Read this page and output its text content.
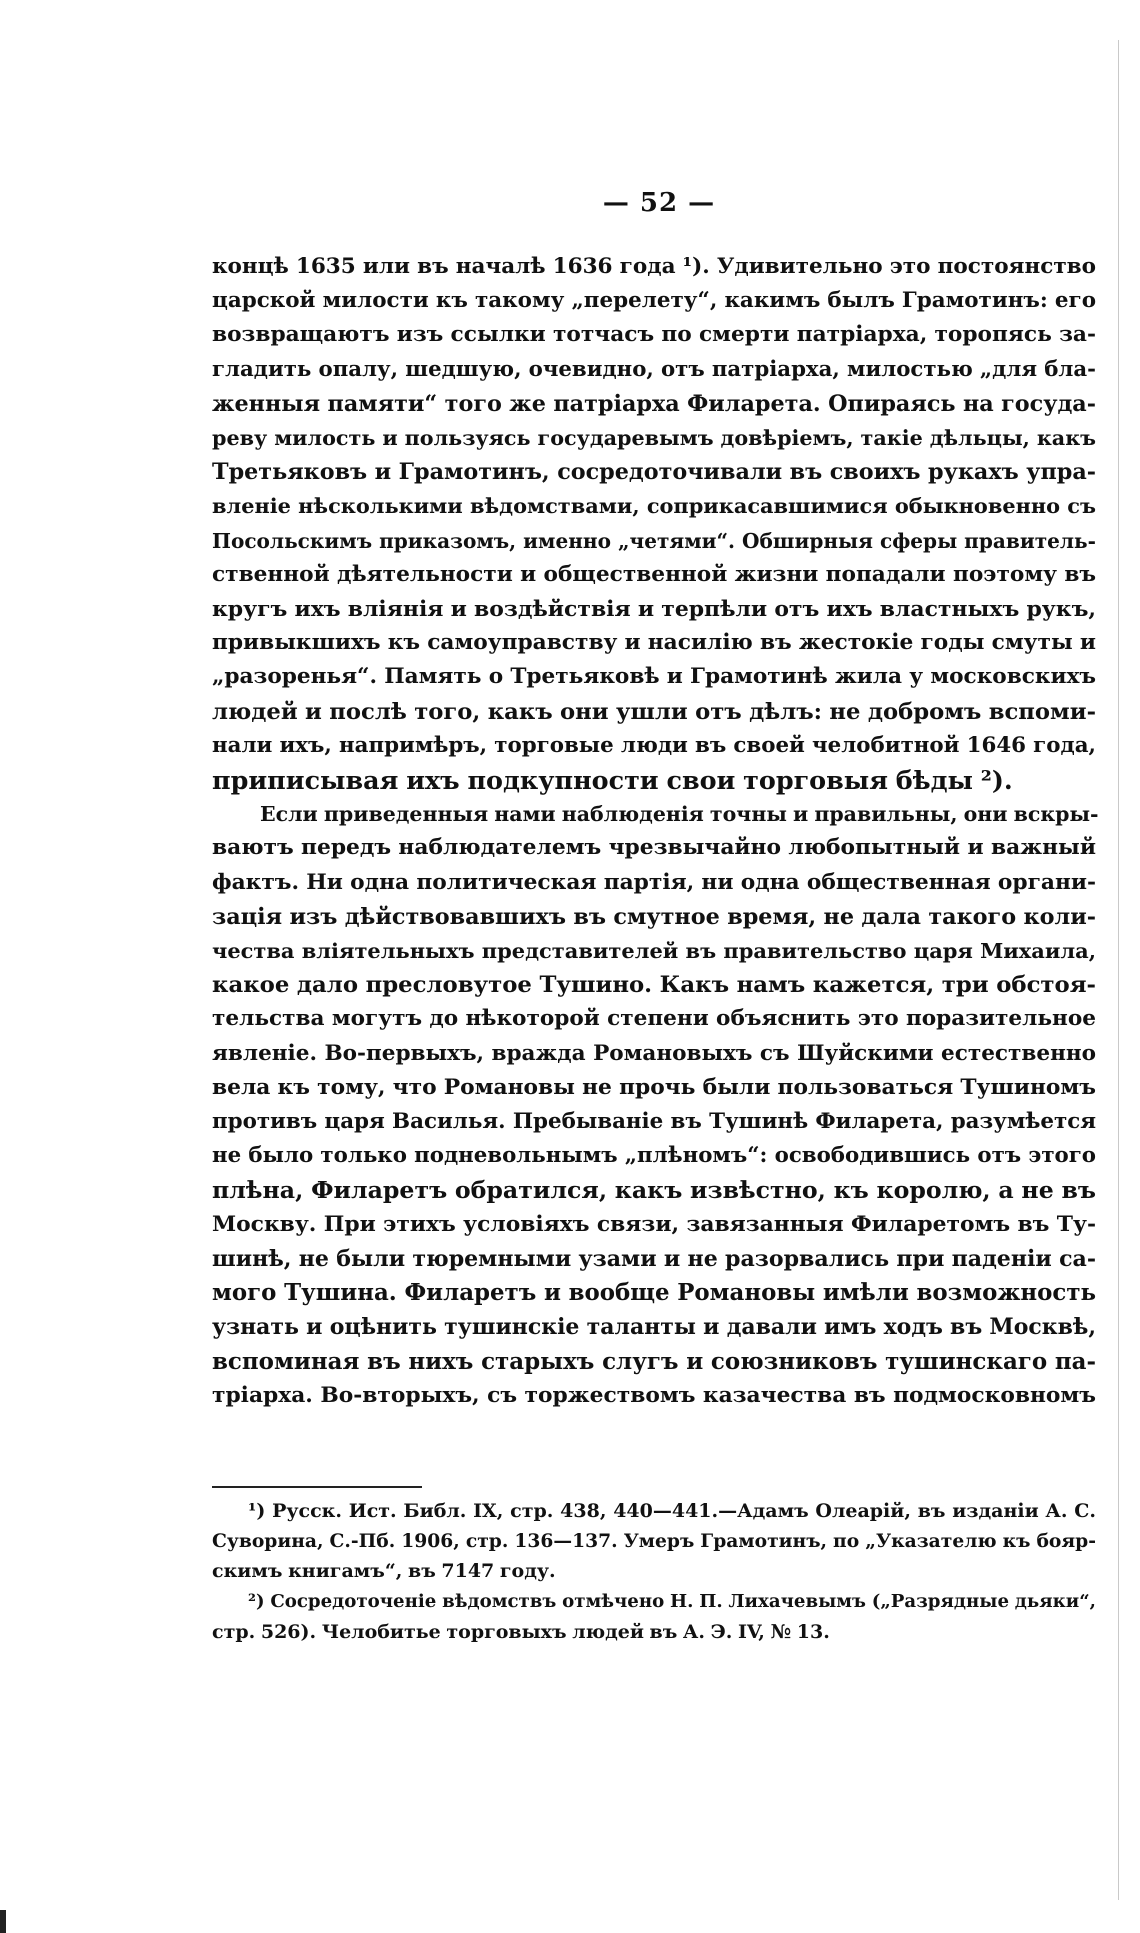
— 52 —

концѣ 1635 или въ началѣ 1636 года ¹). Удивительно это постоянство
царской милости къ такому „перелету“, какимъ былъ Грамотинъ: его
возвращаютъ изъ ссылки тотчасъ по смерти патріарха, торопясь за-
гладить опалу, шедшую, очевидно, отъ патріарха, милостью „для бла-
женныя памяти“ того же патріарха Филарета. Опираясь на госуда-
реву милость и пользуясь государевымъ довѣріемъ, такіе дѣльцы, какъ
Третьяковъ и Грамотинъ, сосредоточивали въ своихъ рукахъ упра-
вленіе нѣсколькими вѣдомствами, соприкасавшимися обыкновенно съ
Посольскимъ приказомъ, именно „четями“. Обширныя сферы правитель-
ственной дѣятельности и общественной жизни попадали поэтому въ
кругъ ихъ вліянія и воздѣйствія и терпѣли отъ ихъ властныхъ рукъ,
привыкшихъ къ самоуправству и насилію въ жестокіе годы смуты и
„разоренья“. Память о Третьяковѣ и Грамотинѣ жила у московскихъ
людей и послѣ того, какъ они ушли отъ дѣлъ: не добромъ вспоми-
нали ихъ, напримѣръ, торговые люди въ своей челобитной 1646 года,
приписывая ихъ подкупности свои торговыя бѣды ²).

Если приведенныя нами наблюденія точны и правильны, они вскры-
ваютъ передъ наблюдателемъ чрезвычайно любопытный и важный
фактъ. Ни одна политическая партія, ни одна общественная органи-
зація изъ дѣйствовавшихъ въ смутное время, не дала такого коли-
чества вліятельныхъ представителей въ правительство царя Михаила,
какое дало пресловутое Тушино. Какъ намъ кажется, три обстоя-
тельства могутъ до нѣкоторой степени объяснить это поразительное
явленіе. Во-первыхъ, вражда Романовыхъ съ Шуйскими естественно
вела къ тому, что Романовы не прочь были пользоваться Тушиномъ
противъ царя Василья. Пребываніе въ Тушинѣ Филарета, разумѣется
не было только подневольнымъ „плѣномъ“: освободившись отъ этого
плѣна, Филаретъ обратился, какъ извѣстно, къ королю, а не въ
Москву. При этихъ условіяхъ связи, завязанныя Филаретомъ въ Ту-
шинѣ, не были тюремными узами и не разорвались при паденіи са-
мого Тушина. Филаретъ и вообще Романовы имѣли возможность
узнать и оцѣнить тушинскіе таланты и давали имъ ходъ въ Москвѣ,
вспоминая въ нихъ старыхъ слугъ и союзниковъ тушинскаго па-
тріарха. Во-вторыхъ, съ торжествомъ казачества въ подмосковномъ

¹) Русск. Ист. Библ. IX, стр. 438, 440—441.—Адамъ Олеарій, въ изданіи А. С.
Суворина, С.-Пб. 1906, стр. 136—137. Умеръ Грамотинъ, по „Указателю къ бояр-
скимъ книгамъ“, въ 7147 году.
²) Сосредоточеніе вѣдомствъ отмѣчено Н. П. Лихачевымъ („Разрядные дьяки“,
стр. 526). Челобитье торговыхъ людей въ А. Э. IV, № 13.
